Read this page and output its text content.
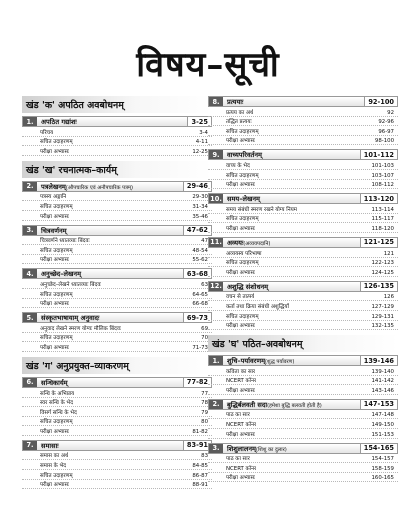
विषय–सूची
खंड 'क' अपठित अवबोधनम्
1.	अपठित गद्यांशः	3-25
परिचय	3-4
सचित उदाहरणम्	4-11
परीक्षा अभ्यासः	12-25
खंड 'ख' रचनात्मक–कार्यम्
2.	पत्रलेखनम्(औपचारिक एवं अनौपचारिक पत्रम्)	29-46
पत्रस्य अङ्गानि	29-30
सचित उदाहरणम्	31-34
परीक्षा अभ्यासः	35-46
3.	चित्रवर्णनम्	47-62
चित्रवर्णने ध्यातव्याः बिंदवः	47
सचित उदाहरणम्	48-54
परीक्षा अभ्यासः	55-62
4.	अनुच्छेद–लेखनम्	63-68
अनुच्छेद–लेखने ध्यातव्याः बिंदवः	63
सचित उदाहरणम्	64-65
परीक्षा अभ्यासः	66-68
5.	संस्कृतभाषायाम् अनुवादः	69-73
अनुवाद लेखने स्मरण योग्यः मौलिक बिंदवः	69
सचित उदाहरणम्	70
परीक्षा अभ्यासः	71-73
खंड 'ग' अनुप्रयुक्त–व्याकरणम्
6.	सन्धिकार्यम्	77-82
सन्धि के अभिप्राय	77
स्वर सन्धि के भेद	78
विसर्ग सन्धि के भेद	79
सचित उदाहरणम्	80
परीक्षा अभ्यासः	81-82
7.	समासाः	83-91
समास का अर्थ	83
समास के भेद	84-85
सचित उदाहरणम्	86-87
परीक्षा अभ्यासः	88-91
8.	प्रत्ययाः	92-100
प्रत्यय का अर्थ	92
तद्धित प्रत्ययः	92-96
सचित उदाहरणम्	96-97
परीक्षा अभ्यासः	98-100
9.	वाच्यपरिवर्तनम्	101-112
वाच्य के भेद	101-103
सचित उदाहरणम्	103-107
परीक्षा अभ्यासः	108-112
10. समय–लेखनम्	113-120
समय संबंधी स्मरण रखने योग्य नियम	113-114
सचित उदाहरणम्	115-117
परीक्षा अभ्यासः	118-120
11. अव्ययः(अव्ययपदानि)	121-125
अव्ययस्य परिभाषा	121
सचित उदाहरणम्	122-123
परीक्षा अभ्यासः	124-125
12. अशुद्धि संशोधनम्	126-135
वचन से तात्पर्य	126
कर्ता तथा क्रिया संबंधी अशुद्धियाँ	127-129
सचित उदाहरणम्	129-131
परीक्षा अभ्यासः	132-135
खंड 'घ' पठित–अवबोधनम्
1.	शुचि–पर्यावरणम्(शुद्ध पर्यावरण)	139-146
कविता का सार	139-140
NCERT कॉनर	141-142
परीक्षा अभ्यासः	143-146
2.	बुद्धिर्बलवती सदा(हमेशा बुद्धि बलवती होती है)	147-153
पाठ का सार	147-148
NCERT कॉनर	149-150
परीक्षा अभ्यासः	151-153
3.	शिशुलालनम्(शिशु का दुलार)	154-165
पाठ का सार	154-157
NCERT कॉनर	158-159
परीक्षा अभ्यासः	160-165
